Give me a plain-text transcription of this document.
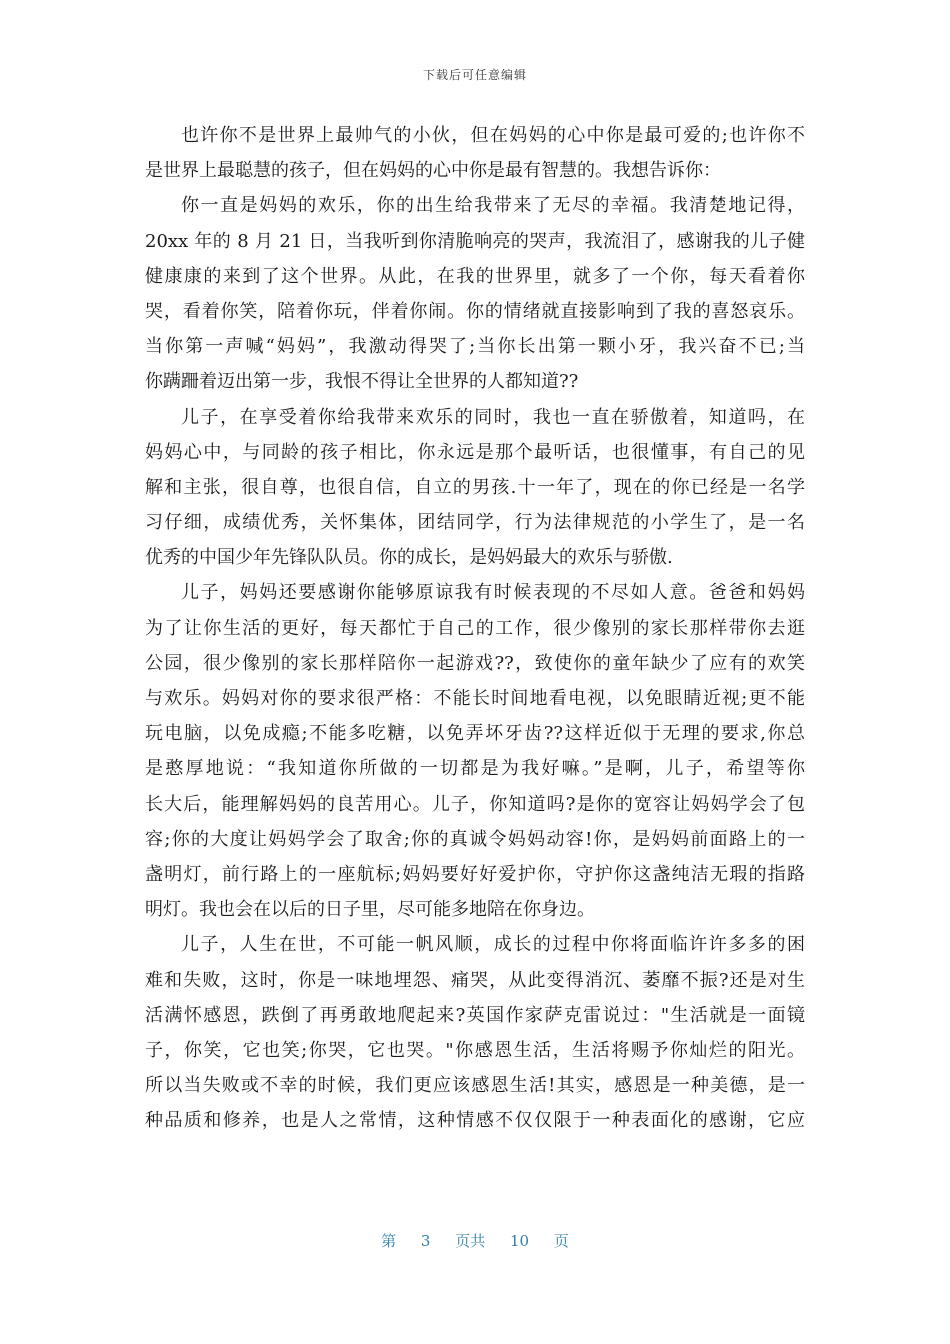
下载后可任意编辑
也许你不是世界上最帅气的小伙，但在妈妈的心中你是最可爱的;也许你不
是世界上最聪慧的孩子，但在妈妈的心中你是最有智慧的。我想告诉你：
你一直是妈妈的欢乐，你的出生给我带来了无尽的幸福。我清楚地记得，
20xx 年的 8 月 21 日，当我听到你清脆响亮的哭声，我流泪了，感谢我的儿子健
健康康的来到了这个世界。从此，在我的世界里，就多了一个你，每天看着你
哭，看着你笑，陪着你玩，伴着你闹。你的情绪就直接影响到了我的喜怒哀乐。
当你第一声喊“妈妈”，我激动得哭了;当你长出第一颗小牙，我兴奋不已;当
你蹒跚着迈出第一步，我恨不得让全世界的人都知道??
儿子，在享受着你给我带来欢乐的同时，我也一直在骄傲着，知道吗，在
妈妈心中，与同龄的孩子相比，你永远是那个最听话，也很懂事，有自己的见
解和主张，很自尊，也很自信，自立的男孩.十一年了，现在的你已经是一名学
习仔细，成绩优秀，关怀集体，团结同学，行为法律规范的小学生了，是一名
优秀的中国少年先锋队队员。你的成长，是妈妈最大的欢乐与骄傲.
儿子，妈妈还要感谢你能够原谅我有时候表现的不尽如人意。爸爸和妈妈
为了让你生活的更好，每天都忙于自己的工作，很少像别的家长那样带你去逛
公园，很少像别的家长那样陪你一起游戏??，致使你的童年缺少了应有的欢笑
与欢乐。妈妈对你的要求很严格：不能长时间地看电视，以免眼睛近视;更不能
玩电脑，以免成瘾;不能多吃糖，以免弄坏牙齿??这样近似于无理的要求,你总
是憨厚地说：“我知道你所做的一切都是为我好嘛。”是啊，儿子，希望等你
长大后，能理解妈妈的良苦用心。儿子，你知道吗?是你的宽容让妈妈学会了包
容;你的大度让妈妈学会了取舍;你的真诚令妈妈动容!你，是妈妈前面路上的一
盏明灯，前行路上的一座航标;妈妈要好好爱护你，守护你这盏纯洁无瑕的指路
明灯。我也会在以后的日子里，尽可能多地陪在你身边。
儿子，人生在世，不可能一帆风顺，成长的过程中你将面临许许多多的困
难和失败，这时，你是一味地埋怨、痛哭，从此变得消沉、萎靡不振?还是对生
活满怀感恩，跌倒了再勇敢地爬起来?英国作家萨克雷说过："生活就是一面镜
子，你笑，它也笑;你哭，它也哭。"你感恩生活，生活将赐予你灿烂的阳光。
所以当失败或不幸的时候，我们更应该感恩生活!其实，感恩是一种美德，是一
种品质和修养，也是人之常情，这种情感不仅仅限于一种表面化的感谢，它应
第 3 页共 10 页
